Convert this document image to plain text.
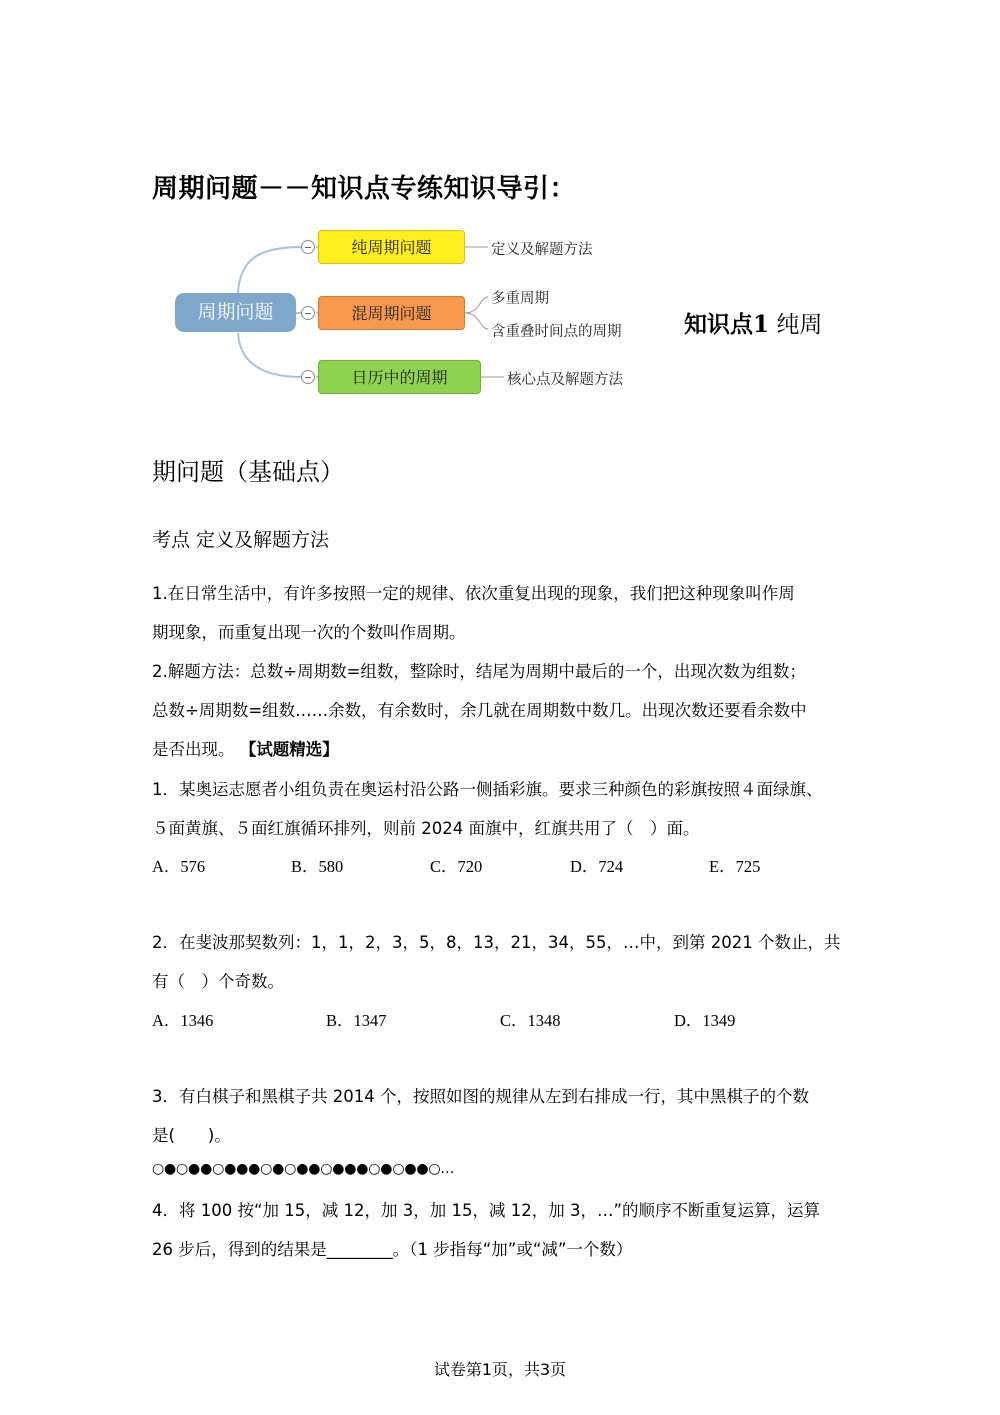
周期问题－－知识点专练知识导引：
周期问题
纯周期问题
混周期问题
日历中的周期
定义及解题方法
多重周期
含重叠时间点的周期
核心点及解题方法
知识点1 纯周
期问题（基础点）
考点 定义及解题方法
1.在日常生活中，有许多按照一定的规律、依次重复出现的现象，我们把这种现象叫作周
期现象，而重复出现一次的个数叫作周期。
2.解题方法：总数÷周期数=组数，整除时，结尾为周期中最后的一个，出现次数为组数；
总数÷周期数=组数……余数，有余数时，余几就在周期数中数几。出现次数还要看余数中
是否出现。 【试题精选】
1．某奥运志愿者小组负责在奥运村沿公路一侧插彩旗。要求三种颜色的彩旗按照４面绿旗、
５面黄旗、５面红旗循环排列，则前 2024 面旗中，红旗共用了（　）面。
A．576	B．580	C．720	D．724	E．725
2．在斐波那契数列：1，1，2，3，5，8，13，21，34，55，…中，到第 2021 个数止，共
有（　）个奇数。
A．1346	B．1347	C．1348	D．1349
3．有白棋子和黑棋子共 2014 个，按照如图的规律从左到右排成一行，其中黑棋子的个数
是(　　)。
○●○●●○●●●○●○●●○●●●○●○●●○…
4．将 100 按“加 15，减 12，加 3，加 15，减 12，加 3，…”的顺序不断重复运算，运算
26 步后，得到的结果是________。（1 步指每“加”或“减”一个数）
试卷第1页，共3页
